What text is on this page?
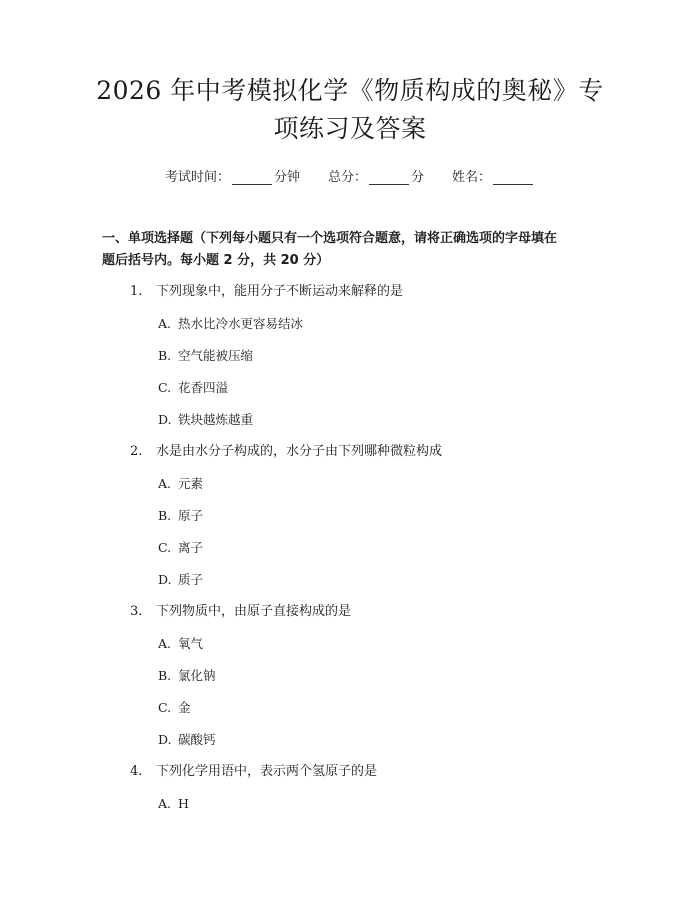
2026 年中考模拟化学《物质构成的奥秘》专
项练习及答案
考试时间：	分钟 总分：	分 姓名：
一、单项选择题（下列每小题只有一个选项符合题意，请将正确选项的字母填在
题后括号内。每小题 2 分，共 20 分）
1. 下列现象中，能用分子不断运动来解释的是
A. 热水比冷水更容易结冰
B. 空气能被压缩
C. 花香四溢
D. 铁块越炼越重
2. 水是由水分子构成的，水分子由下列哪种微粒构成
A. 元素
B. 原子
C. 离子
D. 质子
3. 下列物质中，由原子直接构成的是
A. 氧气
B. 氯化钠
C. 金
D. 碳酸钙
4. 下列化学用语中，表示两个氢原子的是
A. H
